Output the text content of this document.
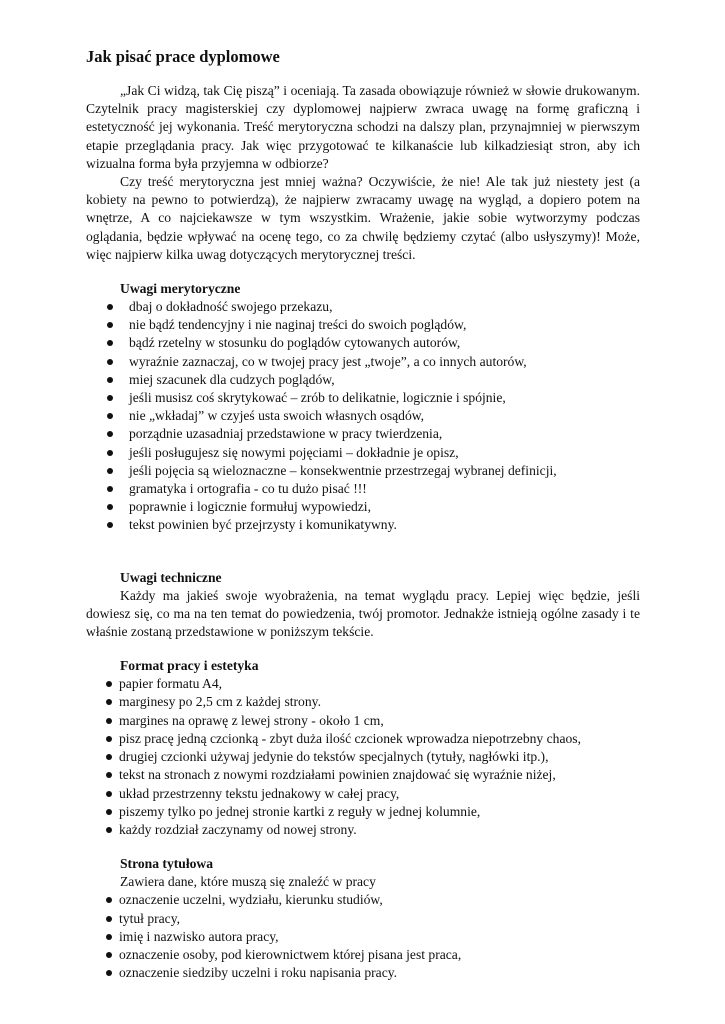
Jak pisać prace dyplomowe

„Jak Ci widzą, tak Cię piszą” i oceniają. Ta zasada obowiązuje również w słowie drukowanym. Czytelnik pracy magisterskiej czy dyplomowej najpierw zwraca uwagę na formę graficzną i estetyczność jej wykonania. Treść merytoryczna schodzi na dalszy plan, przynajmniej w pierwszym etapie przeglądania pracy. Jak więc przygotować te kilkanaście lub kilkadziesiąt stron, aby ich wizualna forma była przyjemna w odbiorze?

Czy treść merytoryczna jest mniej ważna? Oczywiście, że nie! Ale tak już niestety jest (a kobiety na pewno to potwierdzą), że najpierw zwracamy uwagę na wygląd, a dopiero potem na wnętrze, A co najciekawsze w tym wszystkim. Wrażenie, jakie sobie wytworzymy podczas oglądania, będzie wpływać na ocenę tego, co za chwilę będziemy czytać (albo usłyszymy)! Może, więc najpierw kilka uwag dotyczących merytorycznej treści.

Uwagi merytoryczne
dbaj o dokładność swojego przekazu,
nie bądź tendencyjny i nie naginaj treści do swoich poglądów,
bądź rzetelny w stosunku do poglądów cytowanych autorów,
wyraźnie zaznaczaj, co w twojej pracy jest „twoje”, a co innych autorów,
miej szacunek dla cudzych poglądów,
jeśli musisz coś skrytykować – zrób to delikatnie, logicznie i spójnie,
nie „wkładaj” w czyjeś usta swoich własnych osądów,
porządnie uzasadniaj przedstawione w pracy twierdzenia,
jeśli posługujesz się nowymi pojęciami – dokładnie je opisz,
jeśli pojęcia są wieloznaczne – konsekwentnie przestrzegaj wybranej definicji,
gramatyka i ortografia - co tu dużo pisać !!!
poprawnie i logicznie formułuj wypowiedzi,
tekst powinien być przejrzysty i komunikatywny.
Uwagi techniczne
Każdy ma jakieś swoje wyobrażenia, na temat wyglądu pracy. Lepiej więc będzie, jeśli dowiesz się, co ma na ten temat do powiedzenia, twój promotor. Jednakże istnieją ogólne zasady i te właśnie zostaną przedstawione w poniższym tekście.
Format pracy i estetyka
papier formatu A4,
marginesy po 2,5 cm z każdej strony.
margines na oprawę z lewej strony - około 1 cm,
pisz pracę jedną czcionką - zbyt duża ilość czcionek wprowadza niepotrzebny chaos,
drugiej czcionki używaj jedynie do tekstów specjalnych (tytuły, nagłówki itp.),
tekst na stronach z nowymi rozdziałami powinien znajdować się wyraźnie niżej,
układ przestrzenny tekstu jednakowy w całej pracy,
piszemy tylko po jednej stronie kartki z reguły w jednej kolumnie,
każdy rozdział zaczynamy od nowej strony.
Strona tytułowa
Zawiera dane, które muszą się znaleźć w pracy
oznaczenie uczelni, wydziału, kierunku studiów,
tytuł pracy,
imię i nazwisko autora pracy,
oznaczenie osoby, pod kierownictwem której pisana jest praca,
oznaczenie siedziby uczelni i roku napisania pracy.
